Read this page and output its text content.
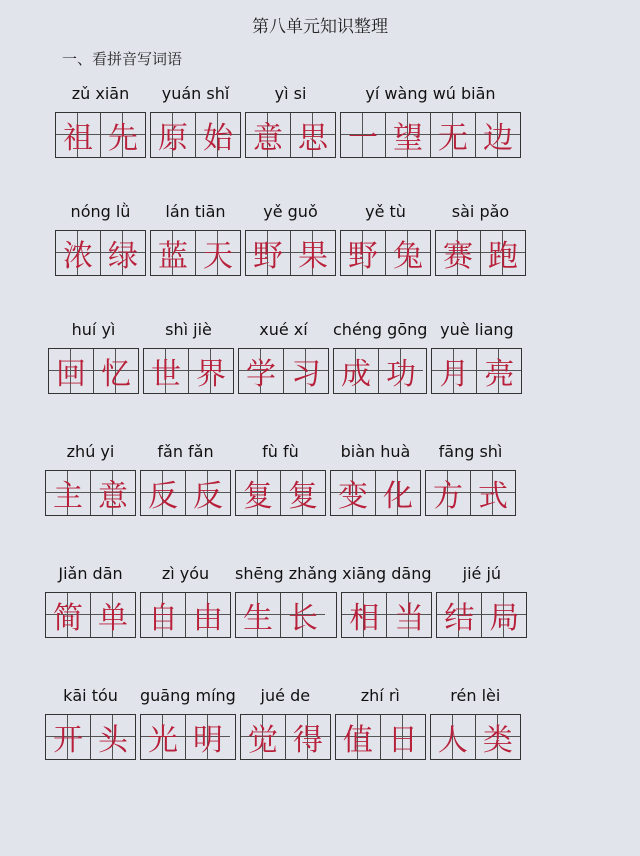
第八单元知识整理
一、看拼音写词语
zǔ xiān
祖 先
yuán shǐ
原 始
yì si
意 思
yí wàng wú biān
一 望 无 边
nóng lǜ
浓 绿
lán tiān
蓝 天
yě guǒ
野 果
yě tù
野 兔
sài pǎo
赛 跑
huí yì
回 忆
shì jiè
世 界
xué xí
学 习
chéng gōng
成 功
yuè liang
月 亮
zhú yi
主 意
fǎn fǎn
反 反
fù fù
复 复
biàn huà
变 化
fāng shì
方 式
Jiǎn dān
简 单
zì yóu
自 由
shēng zhǎng
生 长
xiāng dāng
相 当
jié jú
结 局
kāi tóu
开 头
guāng míng
光 明
jué de
觉 得
zhí rì
值 日
rén lèi
人 类
